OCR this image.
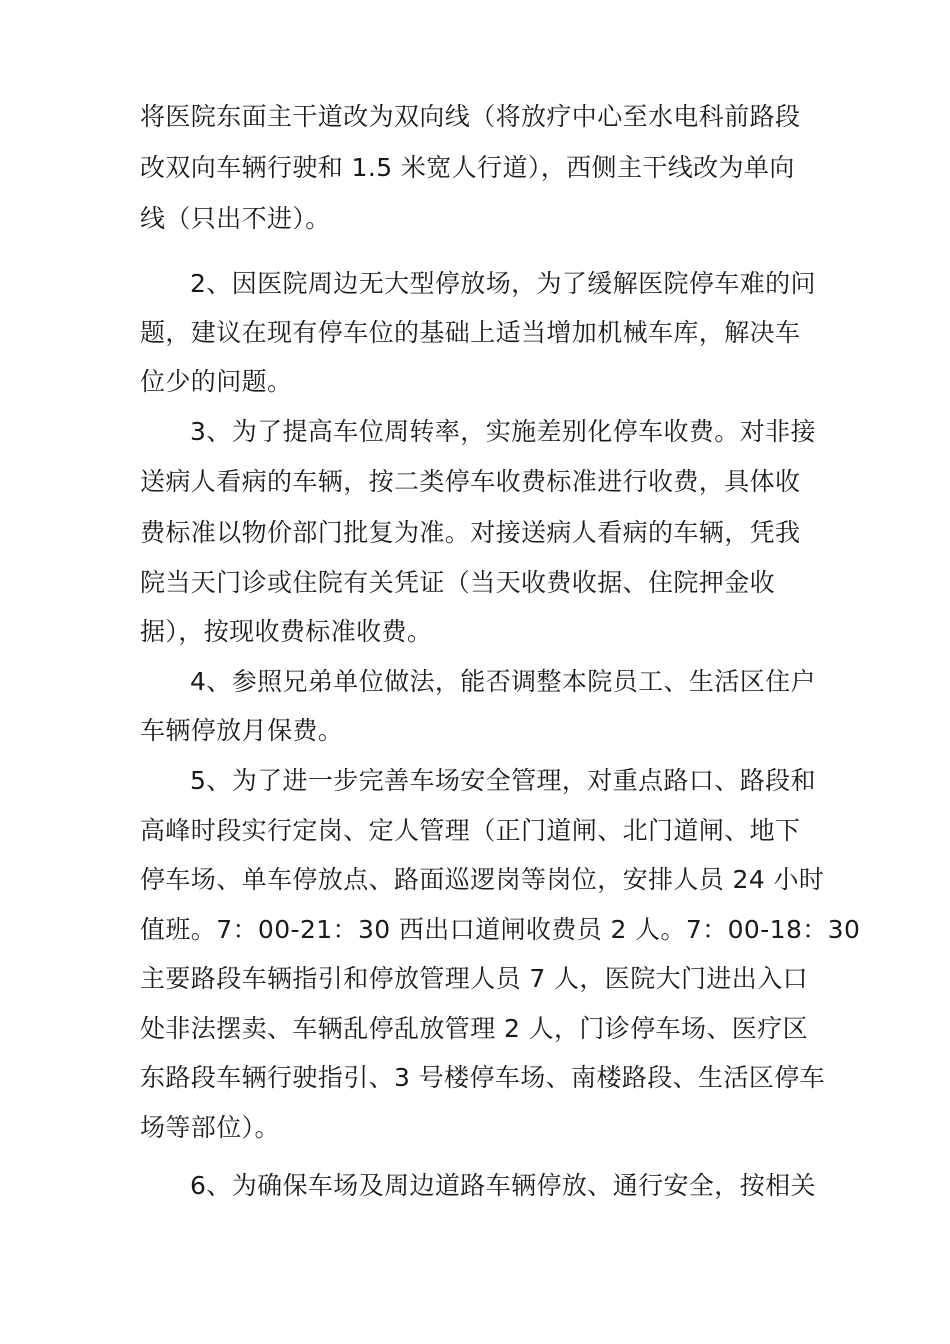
将医院东面主干道改为双向线（将放疗中心至水电科前路段
改双向车辆行驶和 1.5 米宽人行道），西侧主干线改为单向
线（只出不进）。
2、因医院周边无大型停放场，为了缓解医院停车难的问
题，建议在现有停车位的基础上适当增加机械车库，解决车
位少的问题。
3、为了提高车位周转率，实施差别化停车收费。对非接
送病人看病的车辆，按二类停车收费标准进行收费，具体收
费标准以物价部门批复为准。对接送病人看病的车辆，凭我
院当天门诊或住院有关凭证（当天收费收据、住院押金收
据），按现收费标准收费。
4、参照兄弟单位做法，能否调整本院员工、生活区住户
车辆停放月保费。
5、为了进一步完善车场安全管理，对重点路口、路段和
高峰时段实行定岗、定人管理（正门道闸、北门道闸、地下
停车场、单车停放点、路面巡逻岗等岗位，安排人员 24 小时
值班。7：00-21：30 西出口道闸收费员 2 人。7：00-18：30
主要路段车辆指引和停放管理人员 7 人，医院大门进出入口
处非法摆卖、车辆乱停乱放管理 2 人，门诊停车场、医疗区
东路段车辆行驶指引、3 号楼停车场、南楼路段、生活区停车
场等部位）。
6、为确保车场及周边道路车辆停放、通行安全，按相关
